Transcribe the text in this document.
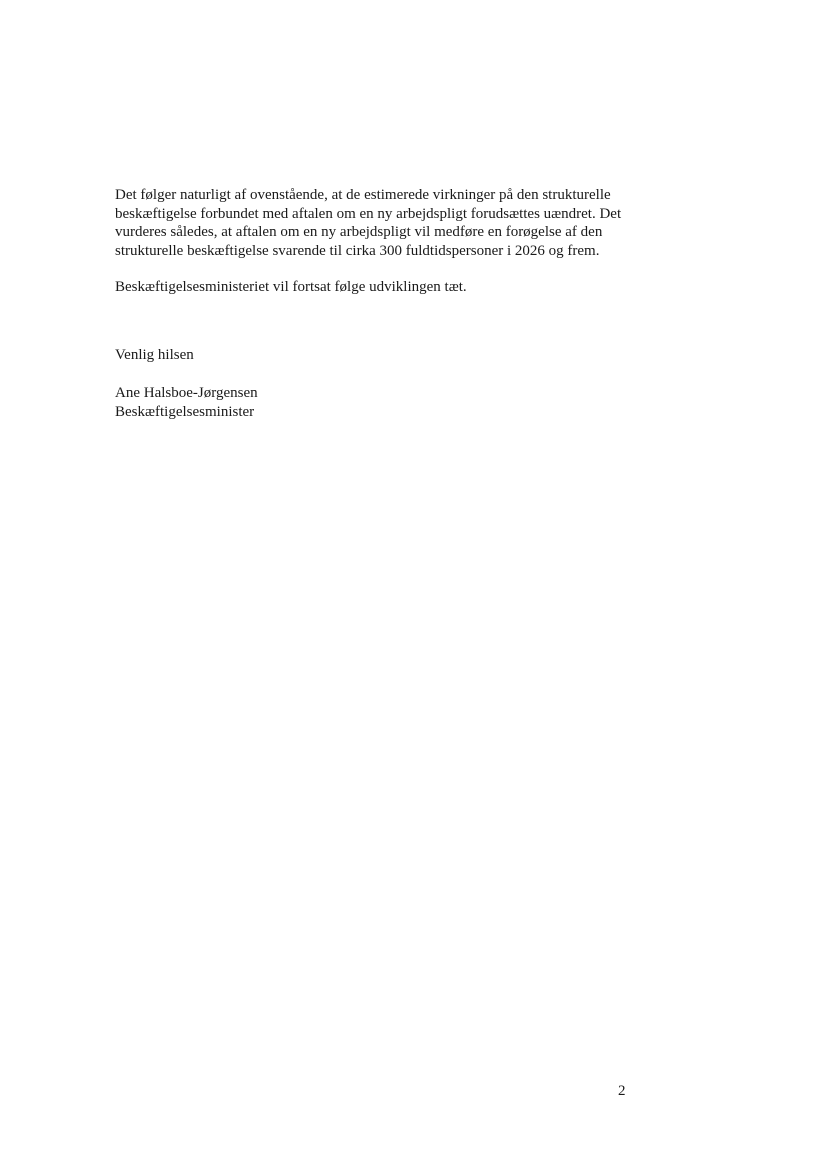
Det følger naturligt af ovenstående, at de estimerede virkninger på den strukturelle beskæftigelse forbundet med aftalen om en ny arbejdspligt forudsættes uændret. Det vurderes således, at aftalen om en ny arbejdspligt vil medføre en forøgelse af den strukturelle beskæftigelse svarende til cirka 300 fuldtidspersoner i 2026 og frem.

Beskæftigelsesministeriet vil fortsat følge udviklingen tæt.

Venlig hilsen
Ane Halsboe-Jørgensen
Beskæftigelsesminister
2
